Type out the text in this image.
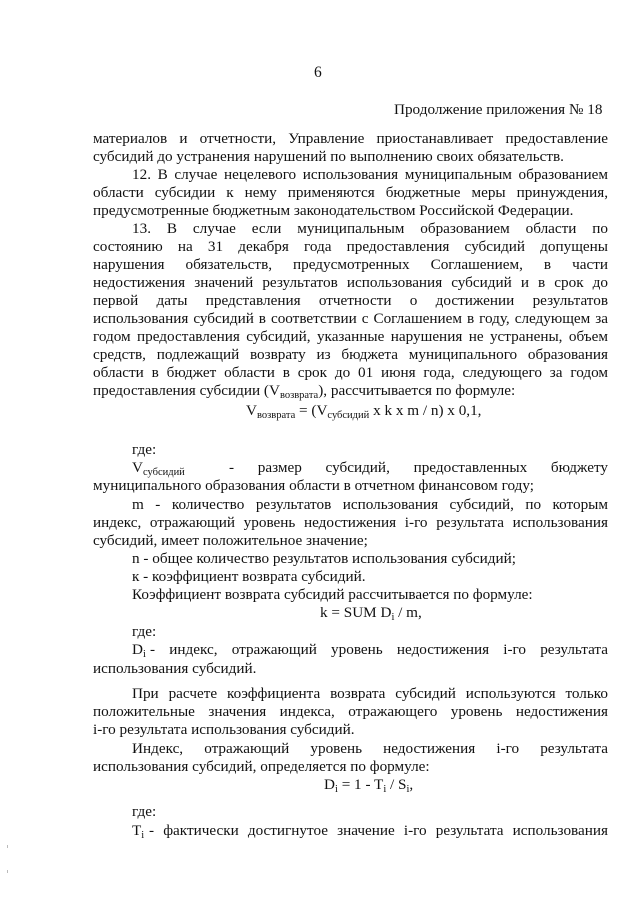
6
Продолжение приложения № 18
материалов и отчетности, Управление приостанавливает предоставление
субсидий до устранения нарушений по выполнению своих обязательств.
12. В случае нецелевого использования муниципальным образованием
области субсидии к нему применяются бюджетные меры принуждения,
предусмотренные бюджетным законодательством Российской Федерации.
13. В случае если муниципальным образованием области по
состоянию на 31 декабря года предоставления субсидий допущены
нарушения обязательств, предусмотренных Соглашением, в части
недостижения значений результатов использования субсидий и в срок до
первой даты представления отчетности о достижении результатов
использования субсидий в соответствии с Соглашением в году, следующем за
годом предоставления субсидий, указанные нарушения не устранены, объем
средств, подлежащий возврату из бюджета муниципального образования
области в бюджет области в срок до 01 июня года, следующего за годом
предоставления субсидии $(V_{возврата})$, рассчитывается по формуле:
$V_{возврата} = (V_{субсидий}$ x k x m / n) x 0,1,
где:
$V_{субсидий}$	- размер субсидий, предоставленных бюджету
муниципального образования области в отчетном финансовом году;
m - количество результатов использования субсидий, по которым
индекс, отражающий уровень недостижения i-го результата использования
субсидий, имеет положительное значение;
n - общее количество результатов использования субсидий;
к - коэффициент возврата субсидий.
Коэффициент возврата субсидий рассчитывается по формуле:
k = SUM $D_i$ / m,
где:
$D_i$ - индекс, отражающий уровень недостижения i-го результата
использования субсидий.
При расчете коэффициента возврата субсидий используются только
положительные значения индекса, отражающего уровень недостижения
i-го результата использования субсидий.
Индекс, отражающий уровень недостижения i-го результата
использования субсидий, определяется по формуле:
$D_i = 1 - T_i / S_i$,
где:
$T_i$ - фактически достигнутое значение i-го результата использования
